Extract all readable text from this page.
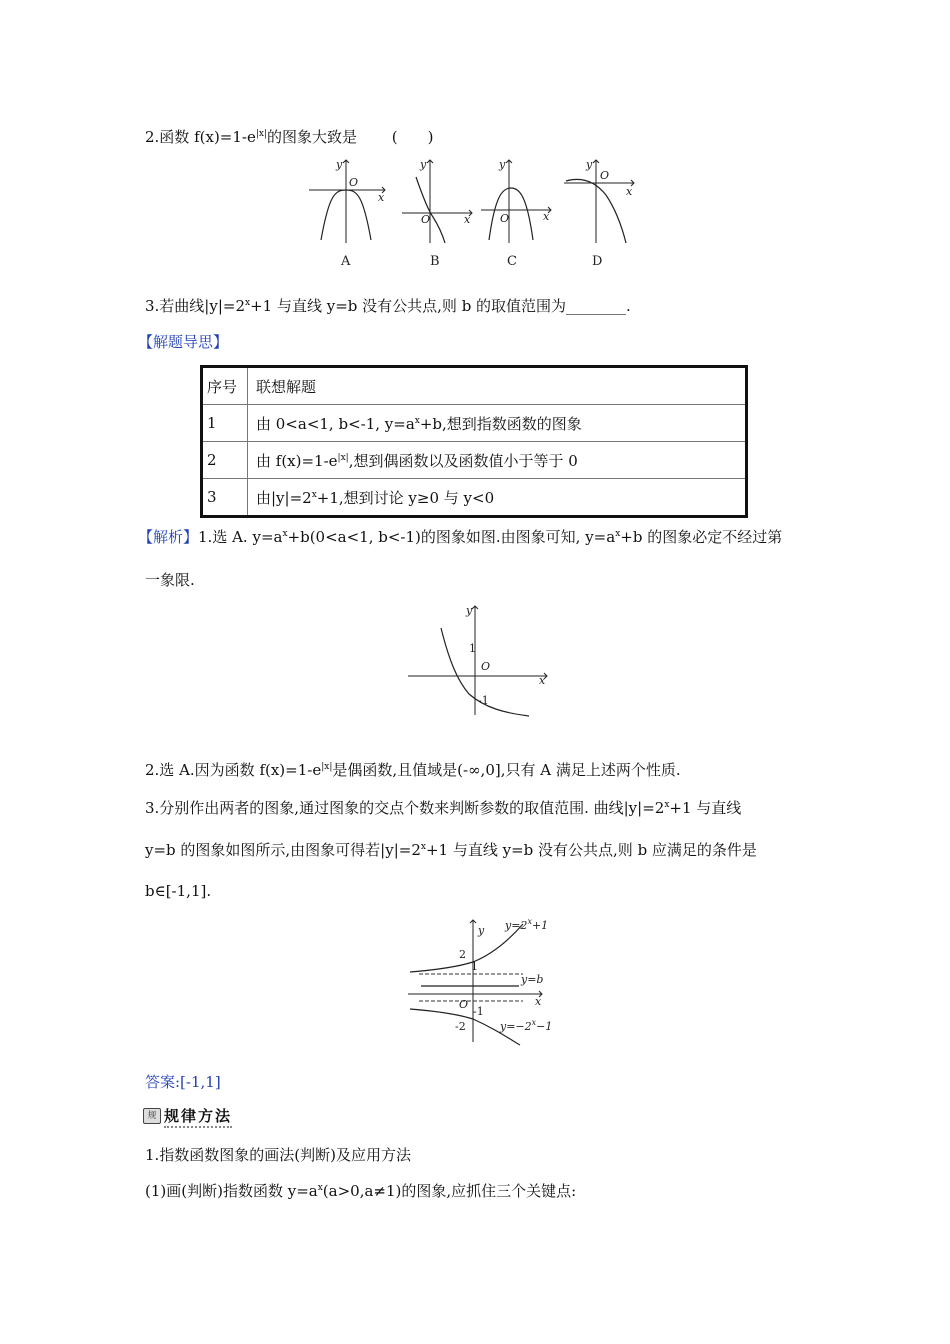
2.函数 $f(x)=1-e^{|x|}$的图象大致是 (　　)
y
x
O
A
y
x
O
B
y
x
O
C
y
x
O
D
3.若曲线$|y|=2^x+1$ 与直线 y=b 没有公共点,则 b 的取值范围为________.
【解题导思】
序号	联想解题
1	由 0<a<1, b<-1, $y=a^x+b$,想到指数函数的图象
2	由 $f(x)=1-e^{|x|}$,想到偶函数以及函数值小于等于 0
3	由$|y|=2^x+1$,想到讨论 y≥0 与 y<0
【解析】1.选 A. $y=a^x+b(0<a<1$, b<-1)的图象如图.由图象可知, $y=a^x+b$ 的图象必定不经过第
一象限.
y
x
O
1
-1
2.选 A.因为函数 $f(x)=1-e^{|x|}$是偶函数,且值域是(-∞,0],只有 A 满足上述两个性质.
3.分别作出两者的图象,通过图象的交点个数来判断参数的取值范围. 曲线$|y|=2^x+1$ 与直线
y=b 的图象如图所示,由图象可得若$|y|=2^x+1$ 与直线 y=b 没有公共点,则 b 应满足的条件是
b∈[-1,1].
y
x
O
2
1
-1
-2
$y=2^x+1$
y=b
$y=-2^x-1$
答案:[-1,1]
规 规律方法
1.指数函数图象的画法(判断)及应用方法
(1)画(判断)指数函数 $y=a^x(a>0,a\ne 1)$的图象,应抓住三个关键点:
